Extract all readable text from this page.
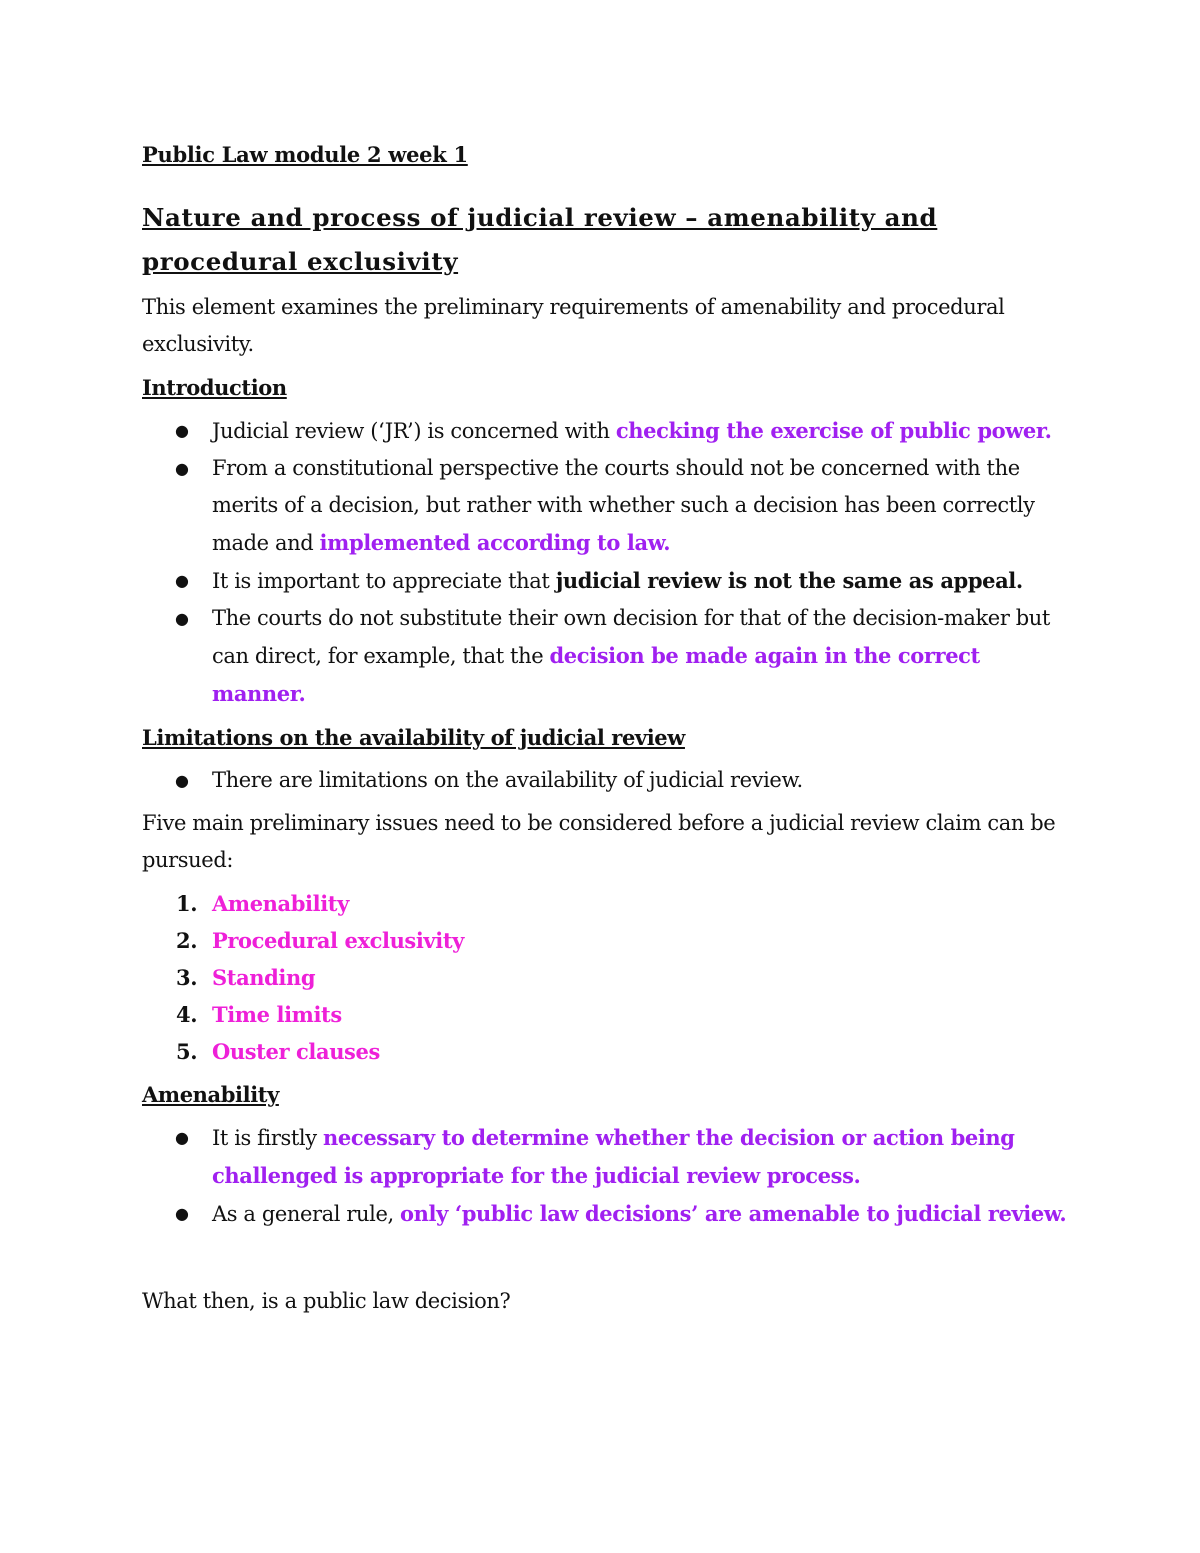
Public Law module 2 week 1

Nature and process of judicial review – amenability and
procedural exclusivity

This element examines the preliminary requirements of amenability and procedural exclusivity.

Introduction
● Judicial review (‘JR’) is concerned with checking the exercise of public power.
● From a constitutional perspective the courts should not be concerned with the merits of a decision, but rather with whether such a decision has been correctly made and implemented according to law.
● It is important to appreciate that judicial review is not the same as appeal.
● The courts do not substitute their own decision for that of the decision-maker but can direct, for example, that the decision be made again in the correct manner.
Limitations on the availability of judicial review
● There are limitations on the availability of judicial review.

Five main preliminary issues need to be considered before a judicial review claim can be pursued:

1. Amenability
2. Procedural exclusivity
3. Standing
4. Time limits
5. Ouster clauses
Amenability
● It is firstly necessary to determine whether the decision or action being challenged is appropriate for the judicial review process.
● As a general rule, only ‘public law decisions’ are amenable to judicial review.

What then, is a public law decision?
